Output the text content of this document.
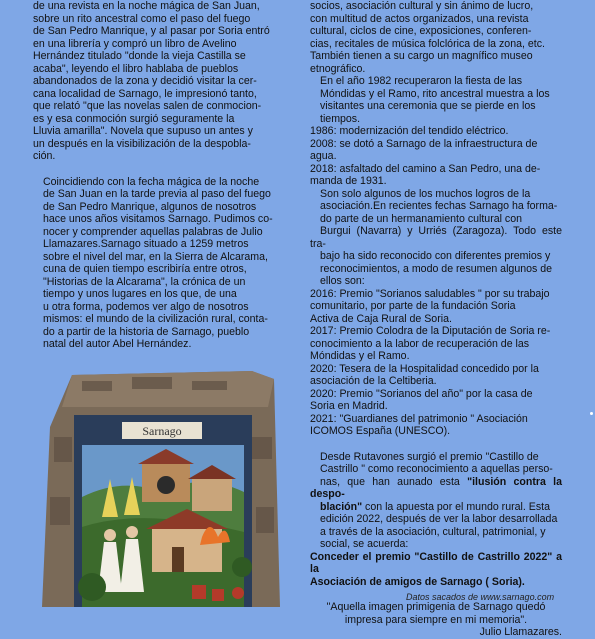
de una revista en la noche mágica de San Juan,
sobre un rito ancestral como el paso del fuego
de San Pedro Manrique, y al pasar por Soria entró
en una librería y compró un libro de Avelino
Hernández titulado "donde la vieja Castilla se
acaba", leyendo el libro hablaba de pueblos
abandonados de la zona y decidió visitar la cer-
cana localidad de Sarnago, le impresionó tanto,
que relató "que las novelas salen de conmocion-
es y esa conmoción surgió seguramente la
Lluvia amarilla". Novela que supuso un antes y
un después en la visibilización de la despobla-
ción.

Coincidiendo con la fecha mágica de la noche
de San Juan en la tarde previa al paso del fuego
de San Pedro Manrique, algunos de nosotros
hace unos años visitamos Sarnago. Pudimos co-
nocer y comprender aquellas palabras de Julio
Llamazares.Sarnago situado a 1259 metros
sobre el nivel del mar, en la Sierra de Alcarama,
cuna de quien tiempo escribiría entre otros,
"Historias de la Alcarama", la crónica de un
tiempo y unos lugares en los que, de una
u otra forma, podemos ver algo de nosotros
mismos: el mundo de la civilización rural, conta-
do a partir de la historia de Sarnago, pueblo
natal del autor Abel Hernández.

Sarnago

socios, asociación cultural y sin ánimo de lucro,
con multitud de actos organizados, una revista
cultural, ciclos de cine, exposiciones, conferen-
cias, recitales de música folclórica de la zona, etc.
También tienen a su cargo un magnífico museo
etnográfico.

En el año 1982 recuperaron la fiesta de las
Móndidas y el Ramo, rito ancestral muestra a los
visitantes una ceremonia que se pierde en los
tiempos.

1986: modernización del tendido eléctrico.

2008: se dotó a Sarnago de la infraestructura de
agua.

2018: asfaltado del camino a San Pedro, una de-
manda de 1931.

Son solo algunos de los muchos logros de la
asociación.En recientes fechas Sarnago ha forma-
do parte de un hermanamiento cultural con
Burgui (Navarra) y Urriés (Zaragoza). Todo este tra-
bajo ha sido reconocido con diferentes premios y
reconocimientos, a modo de resumen algunos de
ellos son:

2016: Premio "Sorianos saludables " por su trabajo
comunitario, por parte de la fundación Soria
Activa de Caja Rural de Soria.

2017: Premio Colodra de la Diputación de Soria re-
conocimiento a la labor de recuperación de las
Móndidas y el Ramo.

2020: Tesera de la Hospitalidad concedido por la
asociación de la Celtiberia.

2020: Premio "Sorianos del año" por la casa de
Soria en Madrid.

2021: "Guardianes del patrimonio " Asociación
ICOMOS España (UNESCO).

Desde Rutavones surgió el premio "Castillo de
Castrillo " como reconocimiento a aquellas perso-
nas, que han aunado esta "ilusión contra la despo-
blación" con la apuesta por el mundo rural. Esta
edición 2022, después de ver la labor desarrollada
a través de la asociación, cultural, patrimonial, y
social, se acuerda:

Conceder el premio "Castillo de Castrillo 2022" a la
Asociación de amigos de Sarnago ( Soria).

"Aquella imagen primigenia de Sarnago quedó
impresa para siempre en mi memoria".

Julio Llamazares.

Datos sacados de www.sarnago.com
